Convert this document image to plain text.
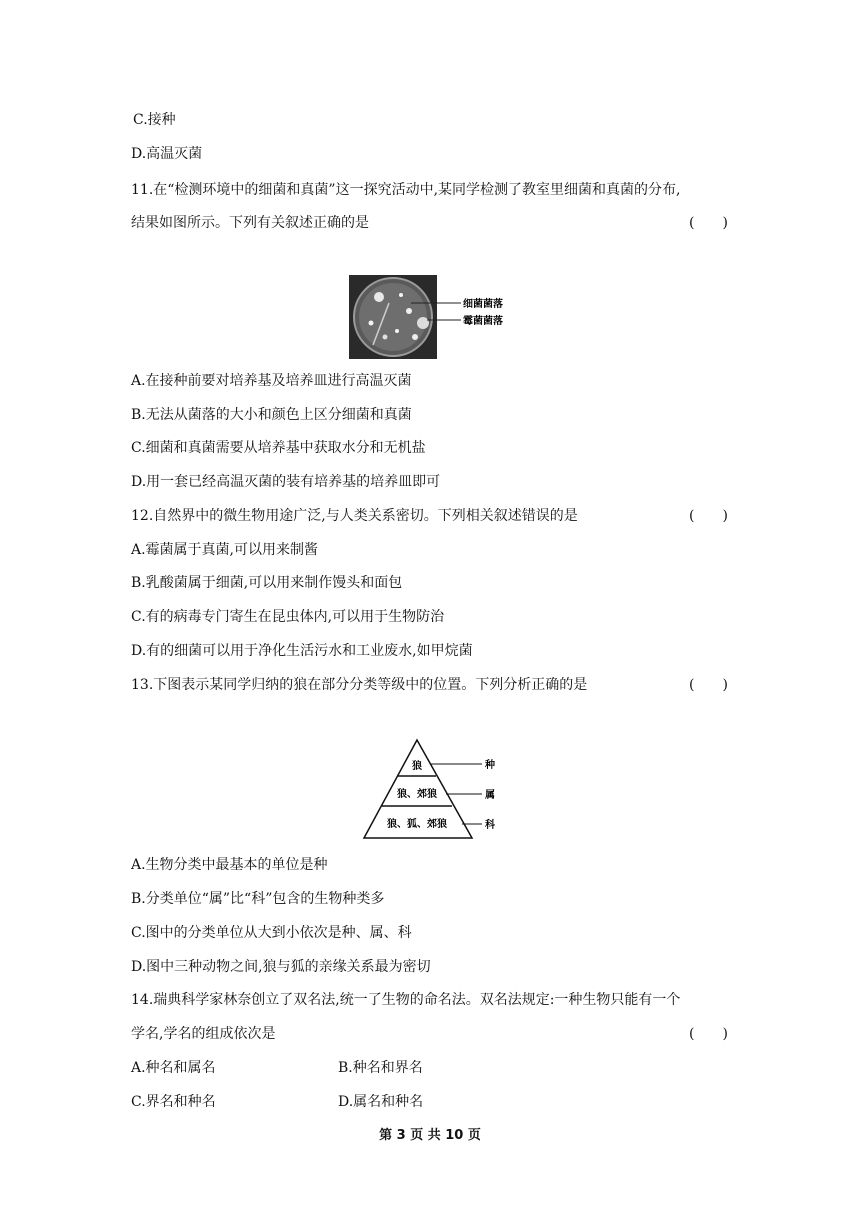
C.接种
D.高温灭菌
11.在“检测环境中的细菌和真菌”这一探究活动中,某同学检测了教室里细菌和真菌的分布,
结果如图所示。下列有关叙述正确的是	(　　)
细菌菌落
霉菌菌落
A.在接种前要对培养基及培养皿进行高温灭菌
B.无法从菌落的大小和颜色上区分细菌和真菌
C.细菌和真菌需要从培养基中获取水分和无机盐
D.用一套已经高温灭菌的装有培养基的培养皿即可
12.自然界中的微生物用途广泛,与人类关系密切。下列相关叙述错误的是	(　　)
A.霉菌属于真菌,可以用来制酱
B.乳酸菌属于细菌,可以用来制作馒头和面包
C.有的病毒专门寄生在昆虫体内,可以用于生物防治
D.有的细菌可以用于净化生活污水和工业废水,如甲烷菌
13.下图表示某同学归纳的狼在部分分类等级中的位置。下列分析正确的是	(　　)
狼
狼、郊狼
狼、狐、郊狼
种
属
科
A.生物分类中最基本的单位是种
B.分类单位“属”比“科”包含的生物种类多
C.图中的分类单位从大到小依次是种、属、科
D.图中三种动物之间,狼与狐的亲缘关系最为密切
14.瑞典科学家林奈创立了双名法,统一了生物的命名法。双名法规定:一种生物只能有一个
学名,学名的组成依次是	(　　)
A.种名和属名	B.种名和界名
C.界名和种名	D.属名和种名
第 3 页 共 10 页
